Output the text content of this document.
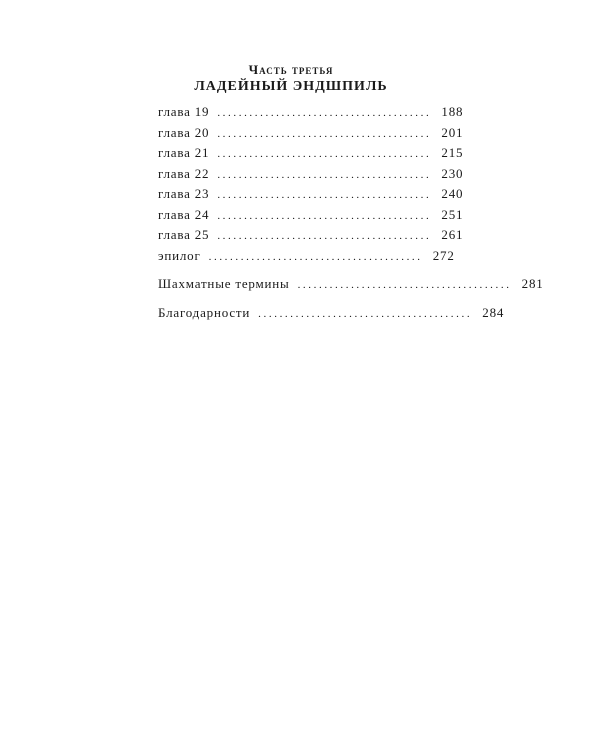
Часть третья
ЛАДЕЙНЫЙ ЭНДШПИЛЬ
глава 19 ........................................ 188
глава 20 ........................................ 201
глава 21 ........................................ 215
глава 22 ........................................ 230
глава 23 ........................................ 240
глава 24 ........................................ 251
глава 25 ........................................ 261
эпилог ........................................ 272
Шахматные термины ........................................ 281
Благодарности ........................................ 284
